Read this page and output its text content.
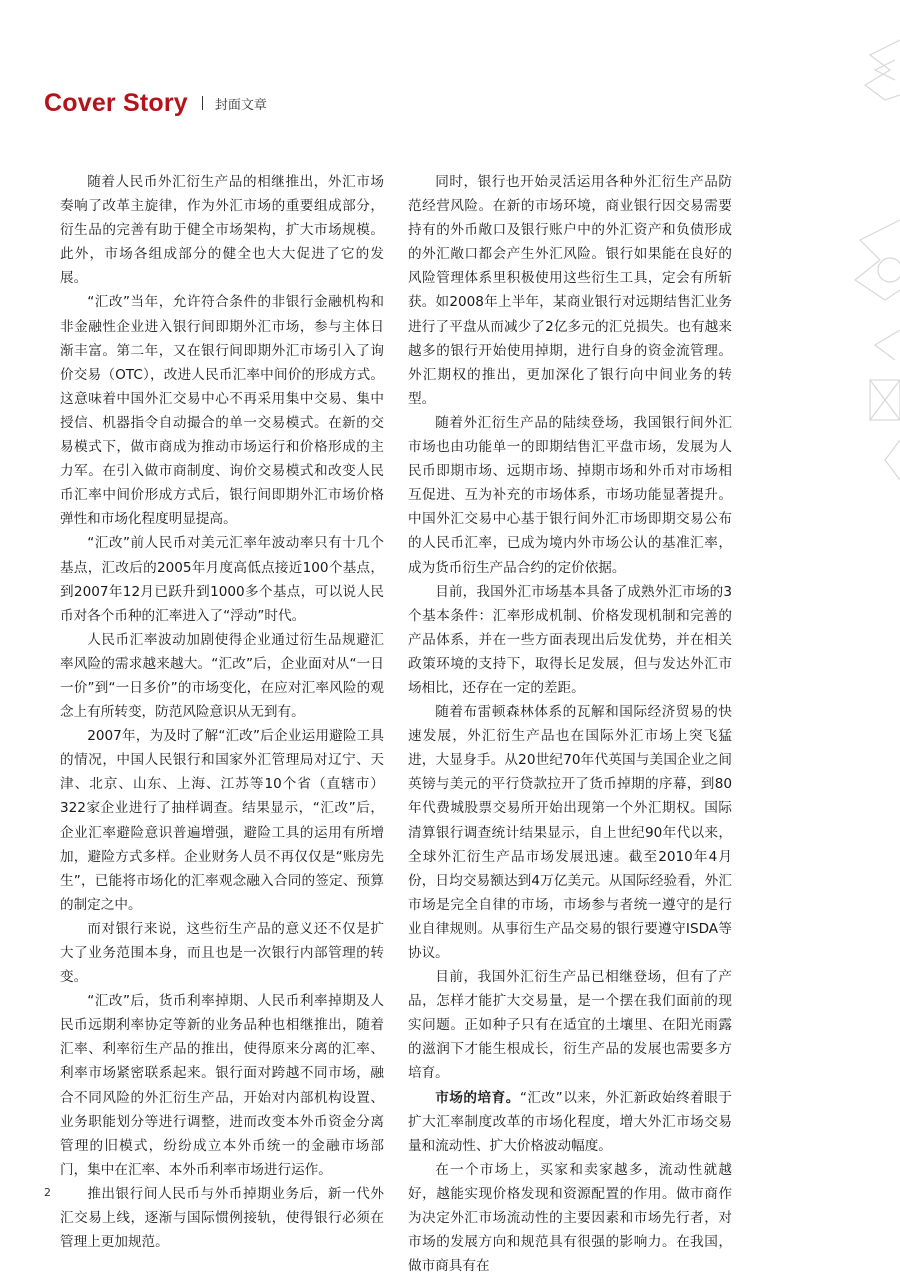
Cover Story 封面文章

随着人民币外汇衍生产品的相继推出，外汇市场奏响了改革主旋律，作为外汇市场的重要组成部分，衍生品的完善有助于健全市场架构，扩大市场规模。此外，市场各组成部分的健全也大大促进了它的发展。

“汇改”当年，允许符合条件的非银行金融机构和非金融性企业进入银行间即期外汇市场，参与主体日渐丰富。第二年，又在银行间即期外汇市场引入了询价交易（OTC），改进人民币汇率中间价的形成方式。这意味着中国外汇交易中心不再采用集中交易、集中授信、机器指令自动撮合的单一交易模式。在新的交易模式下，做市商成为推动市场运行和价格形成的主力军。在引入做市商制度、询价交易模式和改变人民币汇率中间价形成方式后，银行间即期外汇市场价格弹性和市场化程度明显提高。

“汇改”前人民币对美元汇率年波动率只有十几个基点，汇改后的2005年月度高低点接近100个基点，到2007年12月已跃升到1000多个基点，可以说人民币对各个币种的汇率进入了“浮动”时代。

人民币汇率波动加剧使得企业通过衍生品规避汇率风险的需求越来越大。“汇改”后，企业面对从“一日一价”到“一日多价”的市场变化，在应对汇率风险的观念上有所转变，防范风险意识从无到有。

2007年，为及时了解“汇改”后企业运用避险工具的情况，中国人民银行和国家外汇管理局对辽宁、天津、北京、山东、上海、江苏等10个省（直辖市）322家企业进行了抽样调查。结果显示，“汇改”后，企业汇率避险意识普遍增强，避险工具的运用有所增加，避险方式多样。企业财务人员不再仅仅是“账房先生”，已能将市场化的汇率观念融入合同的签定、预算的制定之中。

而对银行来说，这些衍生产品的意义还不仅是扩大了业务范围本身，而且也是一次银行内部管理的转变。

“汇改”后，货币利率掉期、人民币利率掉期及人民币远期利率协定等新的业务品种也相继推出，随着汇率、利率衍生产品的推出，使得原来分离的汇率、利率市场紧密联系起来。银行面对跨越不同市场，融合不同风险的外汇衍生产品，开始对内部机构设置、业务职能划分等进行调整，进而改变本外币资金分离管理的旧模式，纷纷成立本外币统一的金融市场部门，集中在汇率、本外币利率市场进行运作。

推出银行间人民币与外币掉期业务后，新一代外汇交易上线，逐渐与国际惯例接轨，使得银行必须在管理上更加规范。

同时，银行也开始灵活运用各种外汇衍生产品防范经营风险。在新的市场环境，商业银行因交易需要持有的外币敞口及银行账户中的外汇资产和负债形成的外汇敞口都会产生外汇风险。银行如果能在良好的风险管理体系里积极使用这些衍生工具，定会有所斩获。如2008年上半年，某商业银行对远期结售汇业务进行了平盘从而减少了2亿多元的汇兑损失。也有越来越多的银行开始使用掉期，进行自身的资金流管理。外汇期权的推出，更加深化了银行向中间业务的转型。

随着外汇衍生产品的陆续登场，我国银行间外汇市场也由功能单一的即期结售汇平盘市场，发展为人民币即期市场、远期市场、掉期市场和外币对市场相互促进、互为补充的市场体系，市场功能显著提升。中国外汇交易中心基于银行间外汇市场即期交易公布的人民币汇率，已成为境内外市场公认的基准汇率，成为货币衍生产品合约的定价依据。

目前，我国外汇市场基本具备了成熟外汇市场的3个基本条件：汇率形成机制、价格发现机制和完善的产品体系，并在一些方面表现出后发优势，并在相关政策环境的支持下，取得长足发展，但与发达外汇市场相比，还存在一定的差距。

随着布雷顿森林体系的瓦解和国际经济贸易的快速发展，外汇衍生产品也在国际外汇市场上突飞猛进，大显身手。从20世纪70年代英国与美国企业之间英镑与美元的平行贷款拉开了货币掉期的序幕，到80年代费城股票交易所开始出现第一个外汇期权。国际清算银行调查统计结果显示，自上世纪90年代以来，全球外汇衍生产品市场发展迅速。截至2010年4月份，日均交易额达到4万亿美元。从国际经验看，外汇市场是完全自律的市场，市场参与者统一遵守的是行业自律规则。从事衍生产品交易的银行要遵守ISDA等协议。

目前，我国外汇衍生产品已相继登场，但有了产品，怎样才能扩大交易量，是一个摆在我们面前的现实问题。正如种子只有在适宜的土壤里、在阳光雨露的滋润下才能生根成长，衍生产品的发展也需要多方培育。

市场的培育。“汇改”以来，外汇新政始终着眼于扩大汇率制度改革的市场化程度，增大外汇市场交易量和流动性、扩大价格波动幅度。

在一个市场上，买家和卖家越多，流动性就越好，越能实现价格发现和资源配置的作用。做市商作为决定外汇市场流动性的主要因素和市场先行者，对市场的发展方向和规范具有很强的影响力。在我国，做市商具有在

2
